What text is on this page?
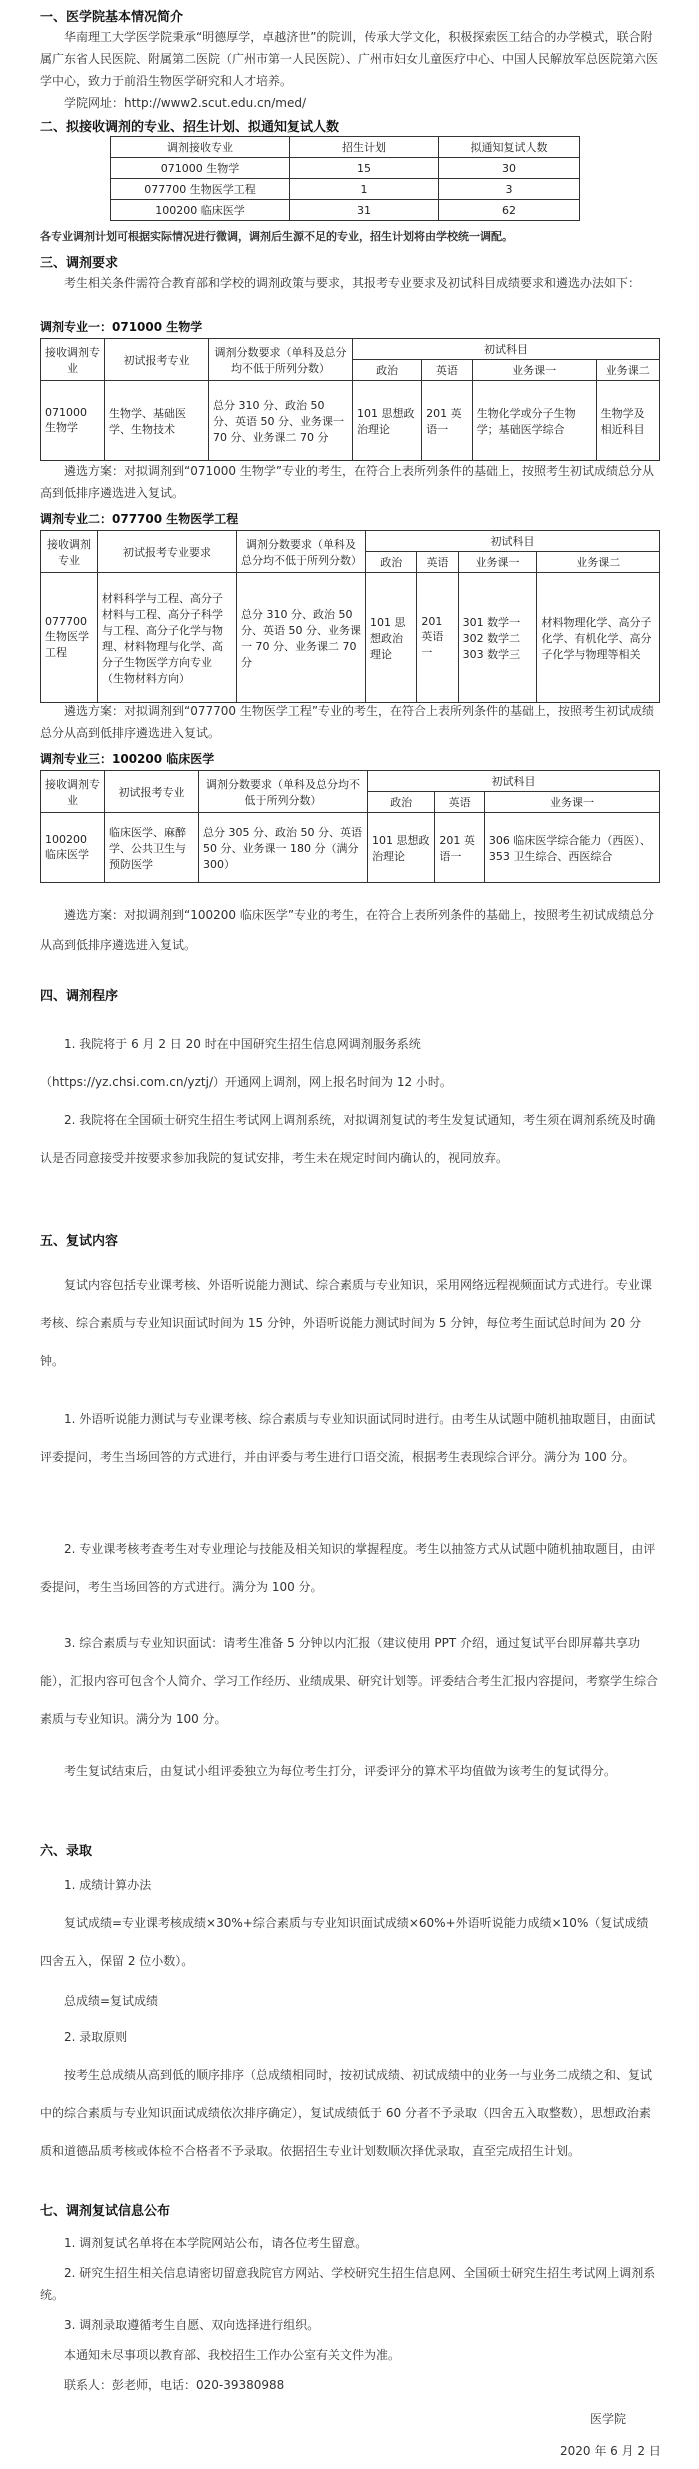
一、医学院基本情况简介
华南理工大学医学院秉承“明德厚学，卓越济世”的院训，传承大学文化，积极探索医工结合的办学模式，联合附属广东省人民医院、附属第二医院（广州市第一人民医院）、广州市妇女儿童医疗中心、中国人民解放军总医院第六医学中心，致力于前沿生物医学研究和人才培养。
学院网址：http://www2.scut.edu.cn/med/
二、拟接收调剂的专业、招生计划、拟通知复试人数
调剂接收专业	招生计划	拟通知复试人数
071000 生物学	15	30
077700 生物医学工程	1	3
100200 临床医学	31	62
各专业调剂计划可根据实际情况进行微调，调剂后生源不足的专业，招生计划将由学校统一调配。
三、调剂要求
考生相关条件需符合教育部和学校的调剂政策与要求，其报考专业要求及初试科目成绩要求和遴选办法如下：
调剂专业一：071000 生物学
接收调剂专业	初试报考专业	调剂分数要求（单科及总分均不低于所列分数）	初试科目			
			政治	英语	业务课一	业务课二
071000 生物学	生物学、基础医学、生物技术	总分 310 分、政治 50 分、英语 50 分、业务课一 70 分、业务课二 70 分	101 思想政治理论	201 英语一	生物化学或分子生物学；基础医学综合	生物学及相近科目
遴选方案：对拟调剂到“071000 生物学”专业的考生，在符合上表所列条件的基础上，按照考生初试成绩总分从高到低排序遴选进入复试。
调剂专业二：077700 生物医学工程
接收调剂专业	初试报考专业要求	调剂分数要求（单科及总分均不低于所列分数）	初试科目			
			政治	英语	业务课一	业务课二
077700 生物医学工程	材料科学与工程、高分子材料与工程、高分子科学与工程、高分子化学与物理、材料物理与化学、高分子生物医学方向专业（生物材料方向）	总分 310 分、政治 50 分、英语 50 分、业务课一 70 分、业务课二 70 分	101 思想政治理论	201 英语一	301 数学一 302 数学二 303 数学三	材料物理化学、高分子化学、有机化学、高分子化学与物理等相关
遴选方案：对拟调剂到“077700 生物医学工程”专业的考生，在符合上表所列条件的基础上，按照考生初试成绩总分从高到低排序遴选进入复试。
调剂专业三：100200 临床医学
接收调剂专业	初试报考专业	调剂分数要求（单科及总分均不低于所列分数）	初试科目		
			政治	英语	业务课一
100200 临床医学	临床医学、麻醉学、公共卫生与预防医学	总分 305 分、政治 50 分、英语 50 分、业务课一 180 分（满分 300）	101 思想政治理论	201 英语一	306 临床医学综合能力（西医）、353 卫生综合、西医综合
遴选方案：对拟调剂到“100200 临床医学”专业的考生，在符合上表所列条件的基础上，按照考生初试成绩总分从高到低排序遴选进入复试。
四、调剂程序
1. 我院将于 6 月 2 日 20 时在中国研究生招生信息网调剂服务系统
（https://yz.chsi.com.cn/yztj/）开通网上调剂，网上报名时间为 12 小时。
2. 我院将在全国硕士研究生招生考试网上调剂系统，对拟调剂复试的考生发复试通知，考生须在调剂系统及时确认是否同意接受并按要求参加我院的复试安排，考生未在规定时间内确认的，视同放弃。
五、复试内容
复试内容包括专业课考核、外语听说能力测试、综合素质与专业知识，采用网络远程视频面试方式进行。专业课考核、综合素质与专业知识面试时间为 15 分钟，外语听说能力测试时间为 5 分钟，每位考生面试总时间为 20 分钟。
1. 外语听说能力测试与专业课考核、综合素质与专业知识面试同时进行。由考生从试题中随机抽取题目，由面试评委提问，考生当场回答的方式进行，并由评委与考生进行口语交流，根据考生表现综合评分。满分为 100 分。
2. 专业课考核考查考生对专业理论与技能及相关知识的掌握程度。考生以抽签方式从试题中随机抽取题目，由评委提问，考生当场回答的方式进行。满分为 100 分。
3. 综合素质与专业知识面试：请考生准备 5 分钟以内汇报（建议使用 PPT 介绍，通过复试平台即屏幕共享功能），汇报内容可包含个人简介、学习工作经历、业绩成果、研究计划等。评委结合考生汇报内容提问，考察学生综合素质与专业知识。满分为 100 分。
考生复试结束后，由复试小组评委独立为每位考生打分，评委评分的算术平均值做为该考生的复试得分。
六、录取
1. 成绩计算办法
复试成绩=专业课考核成绩×30%+综合素质与专业知识面试成绩×60%+外语听说能力成绩×10%（复试成绩四舍五入，保留 2 位小数）。
总成绩=复试成绩
2. 录取原则
按考生总成绩从高到低的顺序排序（总成绩相同时，按初试成绩、初试成绩中的业务一与业务二成绩之和、复试中的综合素质与专业知识面试成绩依次排序确定），复试成绩低于 60 分者不予录取（四舍五入取整数），思想政治素质和道德品质考核或体检不合格者不予录取。依据招生专业计划数顺次择优录取，直至完成招生计划。
七、调剂复试信息公布
1. 调剂复试名单将在本学院网站公布，请各位考生留意。
2. 研究生招生相关信息请密切留意我院官方网站、学校研究生招生信息网、全国硕士研究生招生考试网上调剂系统。
3. 调剂录取遵循考生自愿、双向选择进行组织。
本通知未尽事项以教育部、我校招生工作办公室有关文件为准。
联系人：彭老师，电话：020-39380988
医学院
2020 年 6 月 2 日
